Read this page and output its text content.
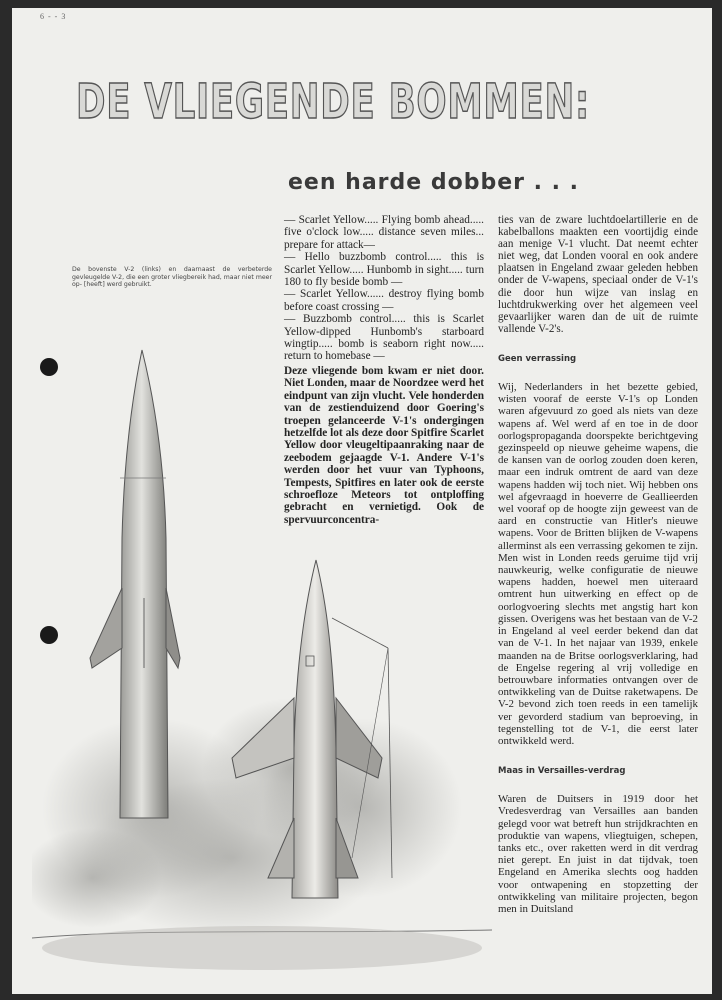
6 - - 3
DE VLIEGENDE BOMMEN:
een harde dobber . . .
De bovenste V-2 (links) en daarnaast de verbeterde gevleugelde V-2, die een groter vliegbereik had, maar niet meer op- [heeft] werd gebruikt.

— Scarlet Yellow..... Flying bomb ahead..... five o'clock low..... distance seven miles... prepare for attack—

— Hello buzzbomb control..... this is Scarlet Yellow..... Hunbomb in sight..... turn 180 to fly beside bomb —

— Scarlet Yellow...... destroy flying bomb before coast crossing —

— Buzzbomb control..... this is Scarlet Yellow-dipped Hunbomb's starboard wingtip..... bomb is seaborn right now..... return to homebase —

Deze vliegende bom kwam er niet door. Niet Londen, maar de Noordzee werd het eindpunt van zijn vlucht. Vele honderden van de zestienduizend door Goering's troepen gelanceerde V-1's ondergingen hetzelfde lot als deze door Spitfire Scarlet Yellow door vleugeltipaanraking naar de zeebodem gejaagde V-1. Andere V-1's werden door het vuur van Typhoons, Tempests, Spitfires en later ook de eerste schroefloze Meteors tot ontploffing gebracht en vernietigd. Ook de spervuurconcentra-

ties van de zware luchtdoelartillerie en de kabelballons maakten een voortijdig einde aan menige V-1 vlucht. Dat neemt echter niet weg, dat Londen vooral en ook andere plaatsen in Engeland zwaar geleden hebben onder de V-wapens, speciaal onder de V-1's die door hun wijze van inslag en luchtdrukwerking over het algemeen veel gevaarlijker waren dan de uit de ruimte vallende V-2's.

Geen verrassing

Wij, Nederlanders in het bezette gebied, wisten vooraf de eerste V-1's op Londen waren afgevuurd zo goed als niets van deze wapens af. Wel werd af en toe in de door oorlogspropaganda doorspekte berichtgeving gezinspeeld op nieuwe geheime wapens, die de kansen van de oorlog zouden doen keren, maar een indruk omtrent de aard van deze wapens hadden wij toch niet. Wij hebben ons wel afgevraagd in hoeverre de Geallieerden wel vooraf op de hoogte zijn geweest van de aard en constructie van Hitler's nieuwe wapens. Voor de Britten blijken de V-wapens allerminst als een verrassing gekomen te zijn. Men wist in Londen reeds geruime tijd vrij nauwkeurig, welke configuratie de nieuwe wapens hadden, hoewel men uiteraard omtrent hun uitwerking en effect op de oorlogvoering slechts met angstig hart kon gissen. Overigens was het bestaan van de V-2 in Engeland al veel eerder bekend dan dat van de V-1. In het najaar van 1939, enkele maanden na de Britse oorlogsverklaring, had de Engelse regering al vrij volledige en betrouwbare informaties ontvangen over de ontwikkeling van de Duitse raketwapens. De V-2 bevond zich toen reeds in een tamelijk ver gevorderd stadium van beproeving, in tegenstelling tot de V-1, die eerst later ontwikkeld werd.

Maas in Versailles-verdrag

Waren de Duitsers in 1919 door het Vredesverdrag van Versailles aan banden gelegd voor wat betreft hun strijdkrachten en produktie van wapens, vliegtuigen, schepen, tanks etc., over raketten werd in dit verdrag niet gerept. En juist in dat tijdvak, toen Engeland en Amerika slechts oog hadden voor ontwapening en stopzetting der ontwikkeling van militaire projecten, begon men in Duitsland
